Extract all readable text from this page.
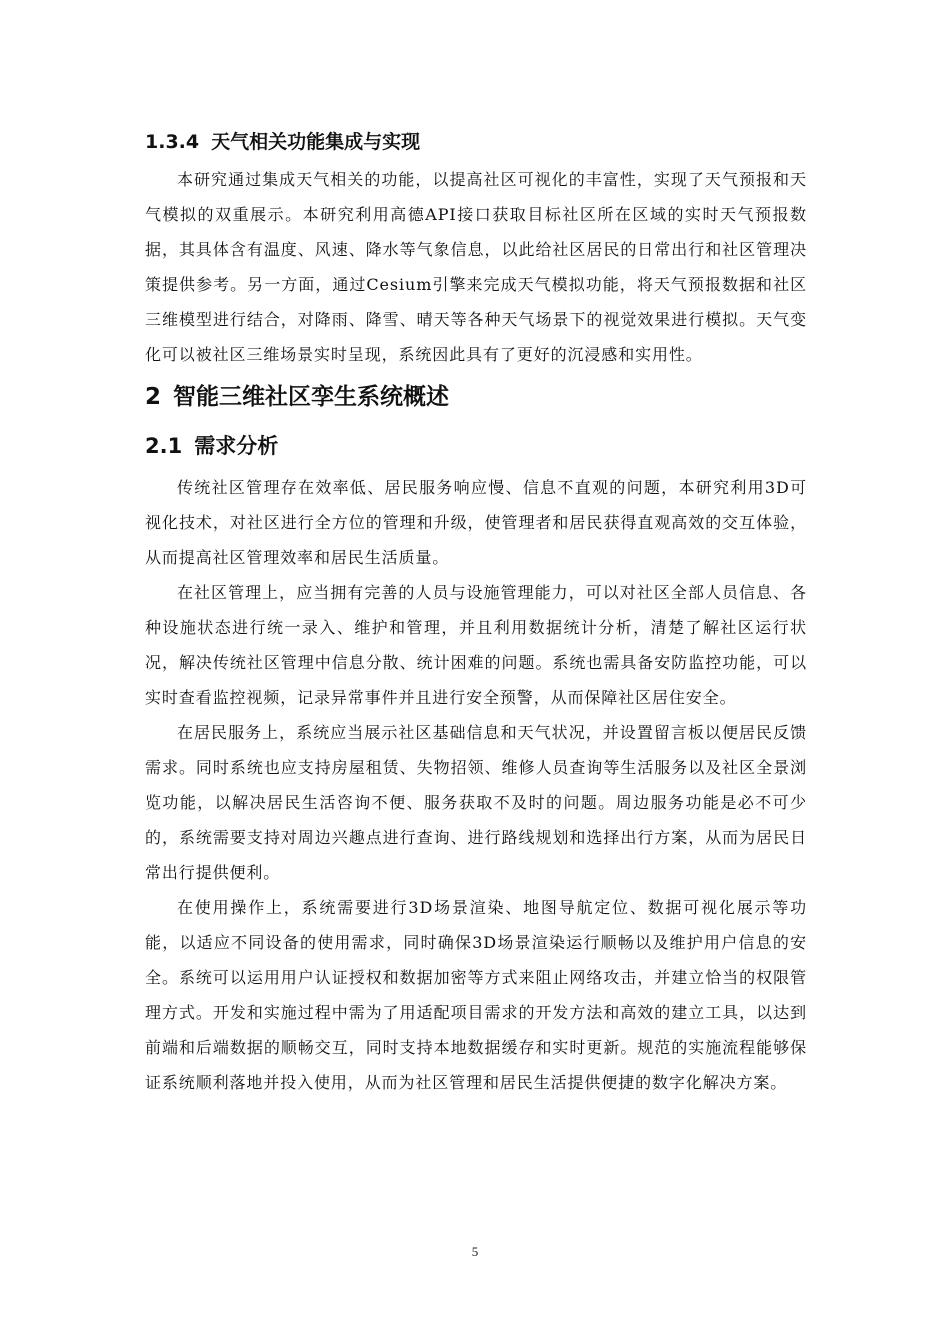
1.3.4 天气相关功能集成与实现

本研究通过集成天气相关的功能，以提高社区可视化的丰富性，实现了天气预报和天气模拟的双重展示。本研究利用高德API接口获取目标社区所在区域的实时天气预报数据，其具体含有温度、风速、降水等气象信息，以此给社区居民的日常出行和社区管理决策提供参考。另一方面，通过Cesium引擎来完成天气模拟功能，将天气预报数据和社区三维模型进行结合，对降雨、降雪、晴天等各种天气场景下的视觉效果进行模拟。天气变化可以被社区三维场景实时呈现，系统因此具有了更好的沉浸感和实用性。

2 智能三维社区孪生系统概述
2.1 需求分析

传统社区管理存在效率低、居民服务响应慢、信息不直观的问题，本研究利用3D可视化技术，对社区进行全方位的管理和升级，使管理者和居民获得直观高效的交互体验，从而提高社区管理效率和居民生活质量。

在社区管理上，应当拥有完善的人员与设施管理能力，可以对社区全部人员信息、各种设施状态进行统一录入、维护和管理，并且利用数据统计分析，清楚了解社区运行状况，解决传统社区管理中信息分散、统计困难的问题。系统也需具备安防监控功能，可以实时查看监控视频，记录异常事件并且进行安全预警，从而保障社区居住安全。

在居民服务上，系统应当展示社区基础信息和天气状况，并设置留言板以便居民反馈需求。同时系统也应支持房屋租赁、失物招领、维修人员查询等生活服务以及社区全景浏览功能，以解决居民生活咨询不便、服务获取不及时的问题。周边服务功能是必不可少的，系统需要支持对周边兴趣点进行查询、进行路线规划和选择出行方案，从而为居民日常出行提供便利。

在使用操作上，系统需要进行3D场景渲染、地图导航定位、数据可视化展示等功能，以适应不同设备的使用需求，同时确保3D场景渲染运行顺畅以及维护用户信息的安全。系统可以运用用户认证授权和数据加密等方式来阻止网络攻击，并建立恰当的权限管理方式。开发和实施过程中需为了用适配项目需求的开发方法和高效的建立工具，以达到前端和后端数据的顺畅交互，同时支持本地数据缓存和实时更新。规范的实施流程能够保证系统顺利落地并投入使用，从而为社区管理和居民生活提供便捷的数字化解决方案。

5
